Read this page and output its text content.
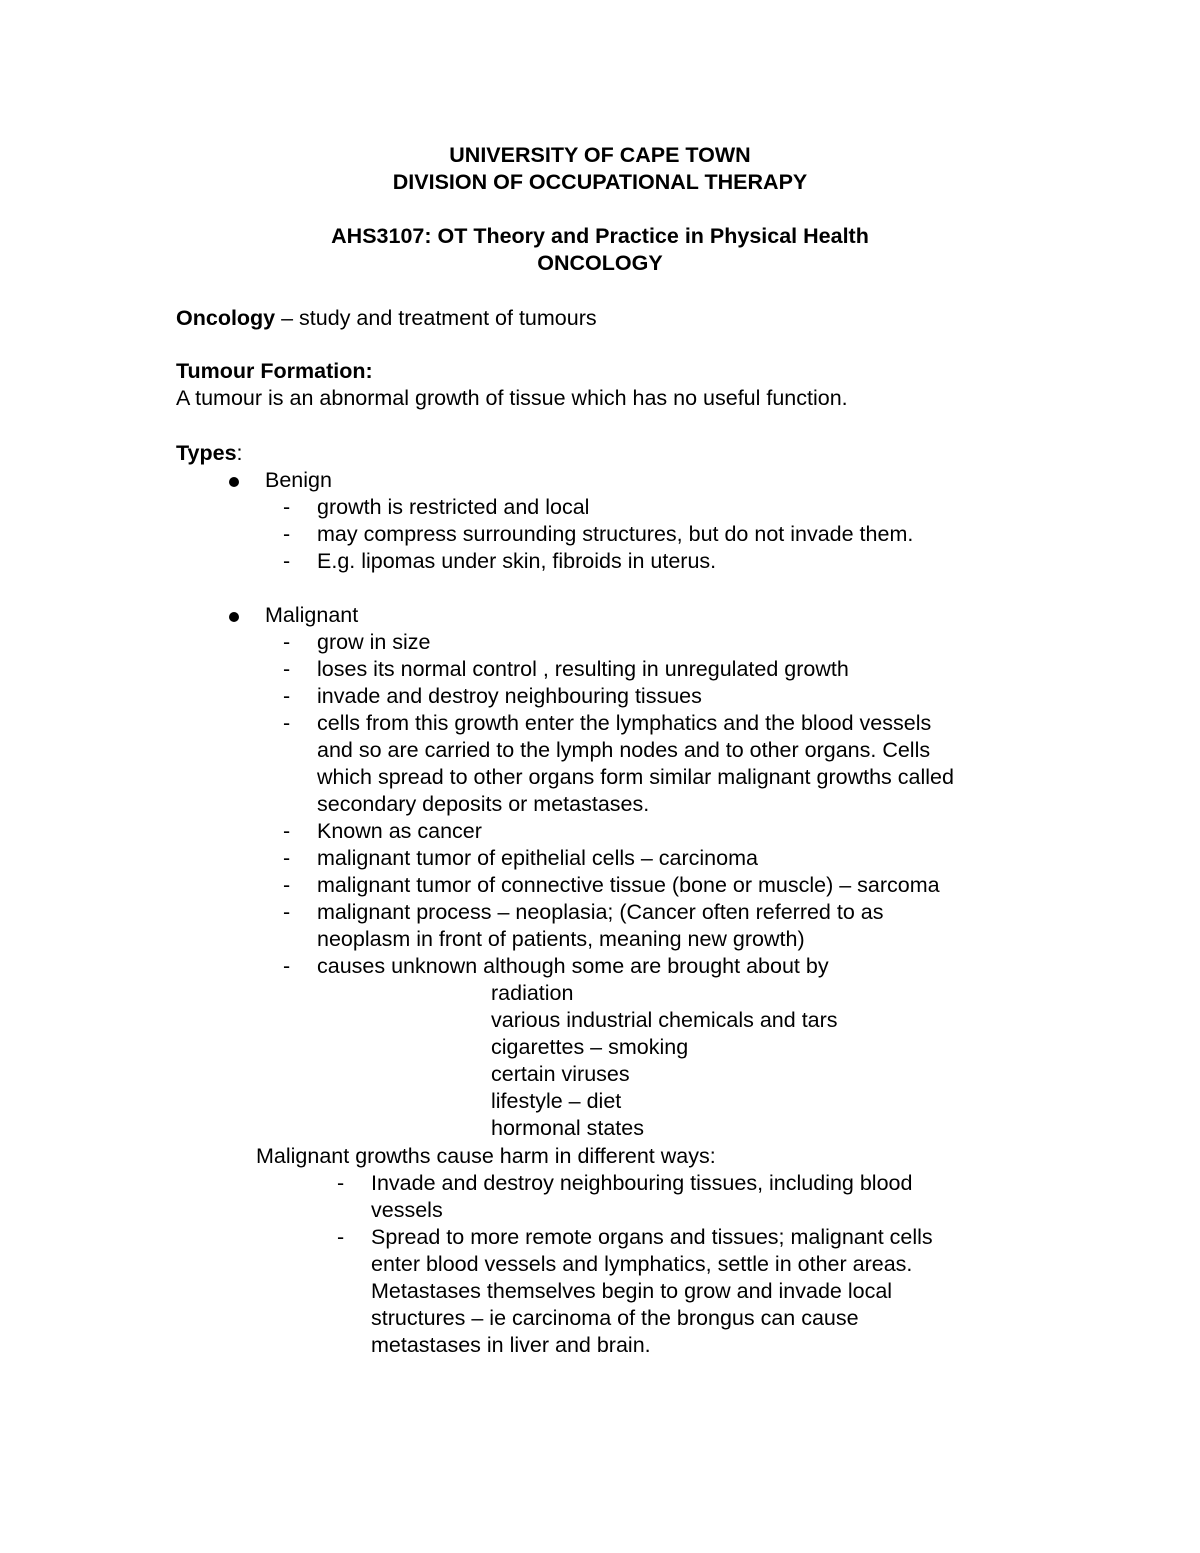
UNIVERSITY OF CAPE TOWN
DIVISION OF OCCUPATIONAL THERAPY
AHS3107: OT Theory and Practice in Physical Health
ONCOLOGY
Oncology – study and treatment of tumours
Tumour Formation:
A tumour is an abnormal growth of tissue which has no useful function.
Types:
Benign
- growth is restricted and local
- may compress surrounding structures, but do not invade them.
- E.g. lipomas under skin, fibroids in uterus.
Malignant
- grow in size
- loses its normal control , resulting in unregulated growth
- invade and destroy neighbouring tissues
- cells from this growth enter the lymphatics and the blood vessels
and so are carried to the lymph nodes and to other organs. Cells
which spread to other organs form similar malignant growths called
secondary deposits or metastases.
- Known as cancer
- malignant tumor of epithelial cells – carcinoma
- malignant tumor of connective tissue (bone or muscle) – sarcoma
- malignant process – neoplasia; (Cancer often referred to as
neoplasm in front of patients, meaning new growth)
- causes unknown although some are brought about by
radiation
various industrial chemicals and tars
cigarettes – smoking
certain viruses
lifestyle – diet
hormonal states
Malignant growths cause harm in different ways:
- Invade and destroy neighbouring tissues, including blood
vessels
- Spread to more remote organs and tissues; malignant cells
enter blood vessels and lymphatics, settle in other areas.
Metastases themselves begin to grow and invade local
structures – ie carcinoma of the brongus can cause
metastases in liver and brain.
